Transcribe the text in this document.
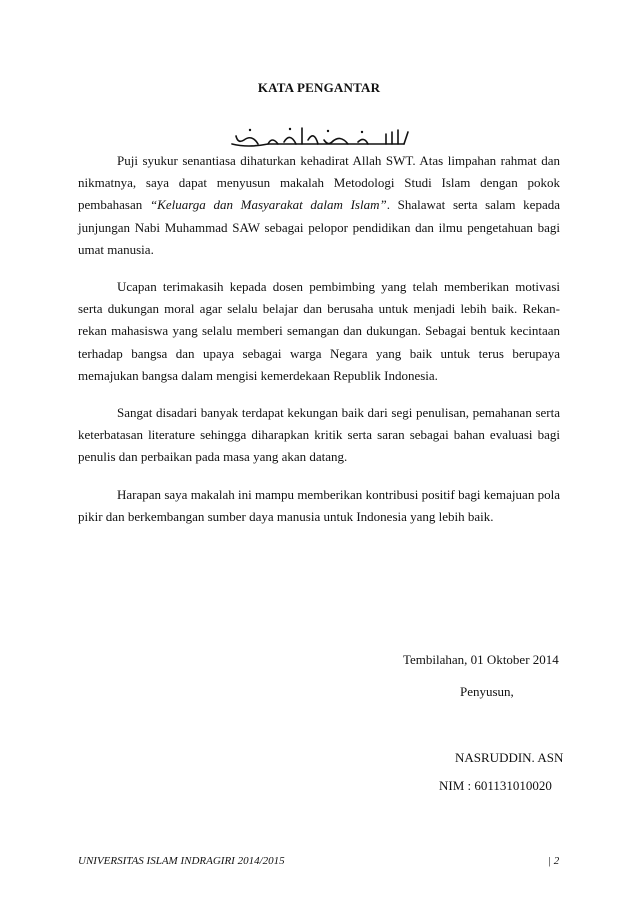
KATA PENGANTAR

Puji syukur senantiasa dihaturkan kehadirat Allah SWT. Atas limpahan rahmat dan nikmatnya, saya dapat menyusun makalah Metodologi Studi Islam dengan pokok pembahasan “Keluarga dan Masyarakat dalam Islam”. Shalawat serta salam kepada junjungan Nabi Muhammad SAW sebagai pelopor pendidikan dan ilmu pengetahuan bagi umat manusia.

Ucapan terimakasih kepada dosen pembimbing yang telah memberikan motivasi serta dukungan moral agar selalu belajar dan berusaha untuk menjadi lebih baik. Rekan-rekan mahasiswa yang selalu memberi semangan dan dukungan. Sebagai bentuk kecintaan terhadap bangsa dan upaya sebagai warga Negara yang baik untuk terus berupaya memajukan bangsa dalam mengisi kemerdekaan Republik Indonesia.

Sangat disadari banyak terdapat kekungan baik dari segi penulisan, pemahanan serta keterbatasan literature sehingga diharapkan kritik serta saran sebagai bahan evaluasi bagi penulis dan perbaikan pada masa yang akan datang.

Harapan saya makalah ini mampu memberikan kontribusi positif bagi kemajuan pola pikir dan berkembangan sumber daya manusia untuk Indonesia yang lebih baik.

Tembilahan, 01 Oktober 2014
Penyusun,
NASRUDDIN. ASN
NIM : 601131010020
UNIVERSITAS ISLAM INDRAGIRI 2014/2015	| 2
